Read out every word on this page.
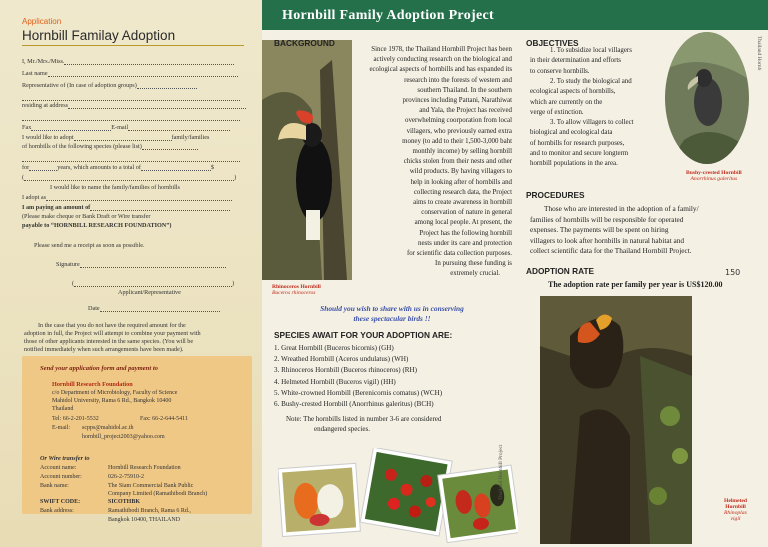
Application
Hornbill Familay Adoption
I, Mr./Mrs./Miss.
Last name
Representative of (In case of adoption groups)
residing at address
Fax	E-mail
I would like to adopt	family/families
of hornbills of the following species (please list)
for	years, which amounts to a total of	$
(	)
I would like to name the family/families of hornbills
I adopt as
I am paying an amount of
(Please make cheque or Bank Draft or Wire transfer
payable to “HORNBILL RESEARCH FOUNDATION”)
Please send me a receipt as soon as possible.
Signature
(	)
Applicant/Representative
Date
In the case that you do not have the required amount for the
adoption in full, the Project will attempt to combine your payment with
those of other applicants interested in the same species. (You will be
notified immediately when such arrangements have been made).
Send your application form and payment to
Hornbill Research Foundation
c/o Department of Microbiology, Faculty of Science
Mahidol University, Rama 6 Rd., Bangkok 10400
Thailand
Tel: 66-2-201-5532	Fax: 66-2-644-5411
E-mail: scpps@mahidol.ac.th
hornbill_project2003@yahoo.com
Or Wire transfer to
Account name:	Hornbill Research Foundation
Account number:	026-2-75910-2
Bank name:	The Siam Commercial Bank Public
Company Limited (Ramathibodi Branch)
SWIFT CODE:	SICOTHBK
Bank address:	Ramathibodi Branch, Rama 6 Rd.,
Bangkok 10400, THAILAND
Hornbill Family Adoption Project
Rhinoceros Hornbill
Buceros rhinoceros
BACKGROUND
Since 1978, the Thailand Hornbill Project has been
actively conducting research on the biological and
ecological aspects of hornbills and has expanded its
research into the forests of western and
southern Thailand. In the southern
provinces including Pattani, Narathiwat
and Yala, the Project has received
overwhelming coorporation from local
villagers, who previously earned extra
money (to add to their 1,500-3,000 baht
monthly income) by selling hornbill
chicks stolen from their nests and other
wild products. By having villagers to
help in looking after of hornbills and
collecting research data, the Project
aims to create awareness in hornbill
conservation of nature in general
among local people. At present, the
Project has the following hornbill
nests under its care and protection
for scientific data collection purposes.
In pursuing these funding is
extremely crucial.
Should you wish to share with us in conserving
these spectacular birds !!
SPECIES AWAIT FOR YOUR ADOPTION ARE:
1. Great Hornbill (Buceros bicornis) (GH)
2. Wreathed Hornbill (Aceros undulatus) (WH)
3. Rhinoceros Hornbill (Buceros rhinoceros) (RH)
4. Helmeted Hornbill (Buceros vigil) (HH)
5. White-crowned Hornbill (Berenicornis comatus) (WCH)
6. Bushy-crested Hornbill (Anorrhinus galeritus) (BCH)
Note: The hornbills listed in number 3-6 are considered
endangered species.
OBJECTIVES
1. To subsidize local villagers
in their determination and efforts
to conserve hornbills.
2. To study the biological and
ecological aspects of hornbills,
which are currently on the
verge of extinction.
3. To allow villagers to collect
biological and ecological data
of hornbills for research purposes,
and to monitor and secure longterm
hornbill populations in the area.
Bushy-crested Hornbill
Anorrhinus galeritus
PROCEDURES
Those who are interested in the adoption of a family/
families of hornbills will be responsible for operated
expenses. The payments will be spent on hiring
villagers to look after hornbills in natural habitat and
collect scientific data for the Thailand Hornbill Project.
ADOPTION RATE	150
The adoption rate per family per year is US$120.00
Helmeted
Hornbill
Rhinoplax
vigil
Thailand Hornbill Project
Thailand Hornb
